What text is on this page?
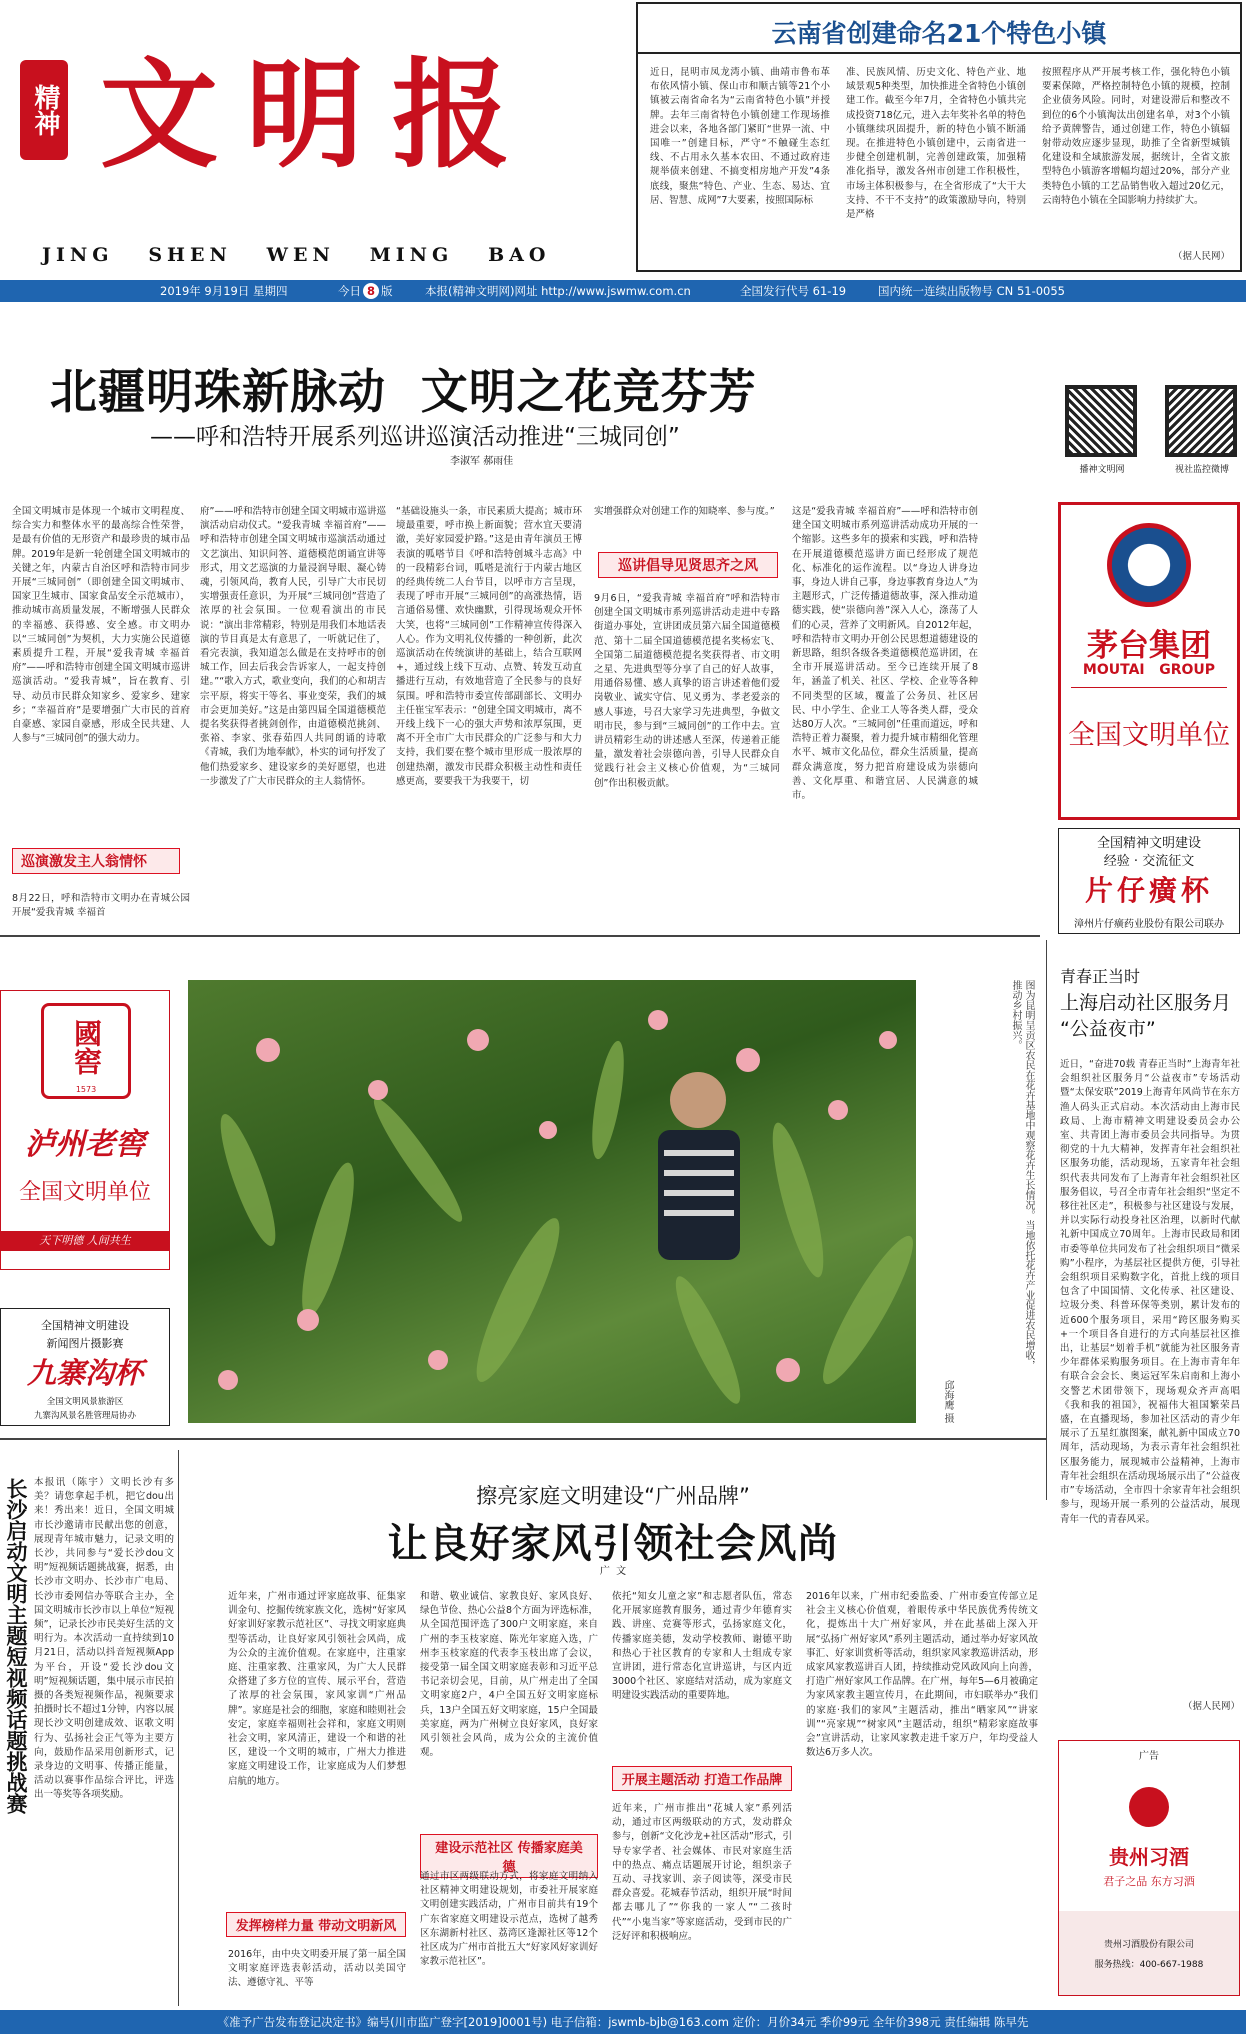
精神 文明报
JING   SHEN   WEN   MING   BAO
云南省创建命名21个特色小镇
近日，昆明市凤龙湾小镇、曲靖市鲁布革布依风情小镇、保山市和顺古镇等21个小镇被云南省命名为“云南省特色小镇”并授牌。去年三南省特色小镇创建工作现场推进会以来，各地各部门紧盯“世界一流、中国唯一”创建目标，严守“不触碰生态红线、不占用永久基本农田、不通过政府违规举债来创建、不搞变相房地产开发”4条底线，聚焦“特色、产业、生态、易达、宜居、智慧、成网”7大要素，按照国际标
准、民族风情、历史文化、特色产业、地域景观5种类型，加快推进全省特色小镇创建工作。截至今年7月，全省特色小镇共完成投资718亿元，进入去年奖补名单的特色小镇继续巩固提升，新的特色小镇不断涌现。在推进特色小镇创建中，云南省进一步健全创建机制，完善创建政策，加强精准化指导，激发各州市创建工作积极性，市场主体积极参与，在全省形成了“大干大支持、不干不支持”的政策激励导向，特别是严格
按照程序从严开展考核工作，强化特色小镇要素保障，严格控制特色小镇的规模，控制企业债务风险。同时，对建设滞后和整改不到位的6个小镇淘汰出创建名单，对3个小镇给予黄牌警告，通过创建工作，特色小镇辐射带动效应逐步显现，助推了全省新型城镇化建设和全域旅游发展，据统计，全省文旅型特色小镇游客增幅均超过20%，部分产业类特色小镇的工艺品销售收入超过20亿元，云南特色小镇在全国影响力持续扩大。
（据人民网）
2019年 9月19日 星期四	今日 8 版	本报(精神文明网)网址 http://www.jswmw.com.cn	全国发行代号 61-19	国内统一连续出版物号 CN 51-0055
北疆明珠新脉动  文明之花竞芬芳
——呼和浩特开展系列巡讲巡演活动推进“三城同创”
李淑军 郝雨佳
全国文明城市是体现一个城市文明程度、综合实力和整体水平的最高综合性荣誉，是最有价值的无形资产和最珍贵的城市品牌。2019年是新一轮创建全国文明城市的关键之年，内蒙古自治区呼和浩特市同步开展“三城同创”（即创建全国文明城市、国家卫生城市、国家食品安全示范城市），推动城市高质量发展，不断增强人民群众的幸福感、获得感、安全感。市文明办以“三城同创”为契机，大力实施公民道德素质提升工程，开展“爱我青城 幸福首府”——呼和浩特市创建全国文明城市巡讲巡演活动。“爱我青城”，旨在教育、引导、动员市民群众知家乡、爱家乡、建家乡；“幸福首府”是要增强广大市民的首府自豪感、家园自豪感，形成全民共建、人人参与“三城同创”的强大动力。
巡演激发主人翁情怀
8月22日，呼和浩特市文明办在青城公园开展“爱我青城 幸福首
府”——呼和浩特市创建全国文明城市巡讲巡演活动启动仪式。“爱我青城 幸福首府”——呼和浩特市创建全国文明城市巡演活动通过文艺演出、知识问答、道德模范朗诵宣讲等形式，用文艺巡演的力量浸润导眼、凝心铸魂，引领风尚，教育人民，引导广大市民切实增强责任意识，为开展“三城同创”营造了浓厚的社会氛围。一位观看演出的市民说：“演出非常精彩，特别是用我们本地话表演的节目真是太有意思了，一听就记住了，看完表演，我知道怎么做是在支持呼市的创城工作，回去后我会告诉家人，一起支持创建。”“歌入方式，歌业变向，我们的心和胡吉宗平原，将实干等名、事业变荣，我们的城市会更加美好。”这是由第四届全国道德模范提名奖获得者挑剑创作，由道德模范挑剑、张裕、李家、张春茹四人共同朗诵的诗歌《青城，我们为地奉献》，朴实的词句抒发了他们热爱家乡、建设家乡的美好愿望，也进一步激发了广大市民群众的主人翁情怀。
“基础设施头一条，市民素质大提高；城市环境最重要，呼市换上新面貌；营水宜天要清澈，美好家园爱护路。”这是由青年演员王博表演的呱嗒节目《呼和浩特创城斗志高》中的一段精彩台词，呱嗒是流行于内蒙古地区的经典传统二人台节目，以呼市方言呈现，表现了呼市开展“三城同创”的高涨热情，语言通俗易懂、欢快幽默，引得现场观众开怀大笑，也将“三城同创”工作精神宣传得深入人心。作为文明礼仪传播的一种创新，此次巡演活动在传统演讲的基础上，结合互联网+，通过线上线下互动、点赞、转发互动直播进行互动，有效地营造了全民参与的良好氛围。呼和浩特市委宣传部副部长、文明办主任崔宝军表示：“创建全国文明城市，离不开线上线下一心的强大声势和浓厚氛围，更离不开全市广大市民群众的广泛参与和大力支持，我们要在整个城市里形成一股浓厚的创建热潮，激发市民群众积极主动性和责任感更高，要要我干为我要干，切
实增强群众对创建工作的知晓率、参与度。”
巡讲倡导见贤思齐之风
9月6日，“爱我青城 幸福首府”呼和浩特市创建全国文明城市系列巡讲活动走进中专路街道办事处，宣讲团成员第六届全国道德模范、第十二届全国道德模范提名奖杨宏飞、全国第二届道德模范提名奖获得者、市文明之星、先进典型等分享了自己的好人故事，用通俗易懂、感人真挚的语言讲述着他们爱岗敬业、诚实守信、见义勇为、孝老爱亲的感人事迹，号召大家学习先进典型，争做文明市民，参与到“三城同创”的工作中去。宣讲员精彩生动的讲述感人至深，传递着正能量，激发着社会崇德向善，引导人民群众自觉践行社会主义核心价值观，为“三城同创”作出积极贡献。
这是“爱我青城 幸福首府”——呼和浩特市创建全国文明城市系列巡讲活动成功开展的一个缩影。这些多年的摸索和实践，呼和浩特在开展道德模范巡讲方面已经形成了规范化、标准化的运作流程。以“身边人讲身边事，身边人讲自己事，身边事教育身边人”为主题形式，广泛传播道德故事，深入推动道德实践，使“崇德向善”深入人心，涤荡了人们的心灵，营养了文明新风。自2012年起，呼和浩特市文明办开创公民思想道德建设的新思路，组织各级各类道德模范巡讲团，在全市开展巡讲活动。至今已连续开展了8年，涵盖了机关、社区、学校、企业等各种不同类型的区域，覆盖了公务员、社区居民、中小学生、企业工人等各类人群，受众达80万人次。“三城同创”任重而道远，呼和浩特正着力凝聚，着力提升城市精细化管理水平、城市文化品位，群众生活质量，提高群众满意度，努力把首府建设成为崇德向善、文化厚重、和谐宜居、人民满意的城市。
播神文明网	视社监控微博
MOUTAI
茅台集团
MOUTAI   GROUP
全国文明单位
全国精神文明建设
经验 · 交流征文
片仔癀杯
漳州片仔癀药业股份有限公司联办
國窖
1573
泸州老窖
全国文明单位
天下明德 人间共生
全国精神文明建设
新闻图片摄影赛
九寨沟杯
全国文明风景旅游区
九寨沟风景名胜管理局协办
图为昆明呈贡区农民在花卉基地中观察花卉生长情况。当地依托花卉产业促进农民增收，推动乡村振兴。
邱海鹰 摄
青春正当时
上海启动社区服务月
“公益夜市”
近日，“奋进70载 青春正当时”上海青年社会组织社区服务月“公益夜市”专场活动暨“太保安联”2019上海青年风尚节在东方渔人码头正式启动。本次活动由上海市民政局、上海市精神文明建设委员会办公室、共青团上海市委员会共同指导。为贯彻党的十九大精神，发挥青年社会组织社区服务功能，活动现场，五家青年社会组织代表共同发布了上海青年社会组织社区服务倡议，号召全市青年社会组织“坚定不移往社区走”，积极参与社区建设与发展，并以实际行动投身社区治理，以新时代献礼新中国成立70周年。上海市民政局和团市委等单位共同发布了社会组织项目“微采购”小程序，为基层社区提供方便，引导社会组织项目采购数字化，首批上线的项目包含了中国国情、文化传承、社区建设、垃圾分类、科普环保等类别，累计发布的近600个服务项目，采用“跨区服务购买+一个项目各自进行的方式向基层社区推出，让基层“划着手机”就能为社区服务青少年群体采购服务项目。在上海市青年年有联合会会长、奥运冠军朱启南和上海小交警艺术团带领下，现场观众齐声高唱《我和我的祖国》，祝福伟大祖国繁荣昌盛，在直播现场，参加社区活动的青少年展示了五星红旗图案，献礼新中国成立70周年，活动现场，为表示青年社会组织社区服务能力，展现城市公益精神，上海市青年社会组织在活动现场展示出了“公益夜市”专场活动，全市四十余家青年社会组织参与，现场开展一系列的公益活动，展现青年一代的青春风采。
（据人民网）
广告
贵州习酒
君子之品 东方习酒
贵州习酒股份有限公司
服务热线：400-667-1988
长沙启动文明主题短视频话题挑战赛 本报讯（陈宇）文明长沙有多美？请您拿起手机，把它dou出来！秀出来！近日，全国文明城市长沙邀请市民献出您的创意，展现青年城市魅力，记录文明的长沙，共同参与“爱长沙dou文明”短视频话题挑战赛，据悉，由长沙市文明办、长沙市广电局、长沙市委网信办等联合主办，全国文明城市长沙市以上单位“短视频”，记录长沙市民美好生活的文明行为。本次活动一直持续到10月21日，活动以抖音短视频App为平台，开设“爱长沙dou文明”短视频话题，集中展示市民拍摄的各类短视频作品，视频要求拍摄时长不超过1分钟，内容以展现长沙文明创建成效、讴歌文明行为、弘扬社会正气等为主要方向，鼓励作品采用创新形式，记录身边的文明事、传播正能量，活动以赛事作品综合评比，评选出一等奖等各项奖励。
擦亮家庭文明建设“广州品牌”
让良好家风引领社会风尚
广  文
近年来，广州市通过评家庭故事、征集家训金句、挖掘传统家族文化，选树“好家风好家训好家教示范社区”、寻找文明家庭典型等活动，让良好家风引领社会风尚，成为公众的主流价值观。在家庭中，注重家庭、注重家教、注重家风，为广大人民群众搭建了多方位的宣传、展示平台，营造了浓厚的社会氛围，家风家训“广州品牌”。家庭是社会的细胞，家庭和睦则社会安定，家庭幸福则社会祥和，家庭文明则社会文明，家风清正，建设一个和谐的社区，建设一个文明的城市，广州大力推进家庭文明建设工作，让家庭成为人们梦想启航的地方。
发挥榜样力量 带动文明新风
2016年，由中央文明委开展了第一届全国文明家庭评选表彰活动，活动以美国守法、遵德守礼、平等
和谐、敬业诚信、家教良好、家风良好、绿色节俭、热心公益8个方面为评选标准，从全国范围评选了300户文明家庭，来自广州的李玉枝家庭、陈光年家庭入选，广州李玉枝家庭的代表李玉枝出席了会议，接受第一届全国文明家庭表彰和习近平总书记亲切会见，目前，从广州走出了全国文明家庭2户，4户全国五好文明家庭标兵，13户全国五好文明家庭，15户全国最美家庭，两为广州树立良好家风，良好家风引领社会风尚，成为公众的主流价值观。
建设示范社区 传播家庭美德
通过市区两级联动方式，将家庭文明纳入社区精神文明建设规划，市委社开展家庭文明创建实践活动，广州市目前共有19个广东省家庭文明建设示范点，选树了越秀区东湖新村社区、荔湾区逢源社区等12个社区成为广州市首批五大“好家风好家训好家教示范社区”。
依托“知女儿童之家”和志愿者队伍，常态化开展家庭教育服务，通过青少年德育实践、讲座、竞赛等形式，弘扬家庭文化，传播家庭美德，发动学校教师、谢德平助和热心于社区教育的专家和人士组成专家宣讲团，进行常态化宣讲巡讲，与区内近3000个社区、家庭结对活动，成为家庭文明建设实践活动的重要阵地。
开展主题活动 打造工作品牌
近年来，广州市推出“花城人家”系列活动，通过市区两级联动的方式，发动群众参与，创新“文化沙龙+社区活动”形式，引导专家学者、社会媒体、市民对家庭生活中的热点、痛点话题展开讨论，组织亲子互动、寻找家训、亲子阅读等，深受市民群众喜爱。花城春节活动，组织开展“时间都去哪儿了”“你我的一家人”“二孩时代”“小鬼当家”等家庭活动，受到市民的广泛好评和积极响应。
2016年以来，广州市纪委监委、广州市委宣传部立足社会主义核心价值观，着眼传承中华民族优秀传统文化，提炼出十大广州好家风，并在此基础上深入开展“弘扬广州好家风”系列主题活动，通过举办好家风故事汇、好家训赏析等活动，组织家风家教巡讲活动，形成家风家教巡讲百人团，持续推动党风政风向上向善，打造广州好家风工作品牌。在广州，每年5—6月被确定为家风家教主题宣传月，在此期间，市妇联举办“我们的家庭·我们的家风”主题活动，推出“晒家风”“讲家训”“亮家规”“树家风”主题活动，组织“精彩家庭故事会”宣讲活动，让家风家教走进千家万户，年均受益人数达6万多人次。
《准予广告发布登记决定书》编号(川市监广登字[2019]0001号) 电子信箱：jswmb-bjb@163.com 定价：月价34元 季价99元 全年价398元 责任编辑 陈早先
